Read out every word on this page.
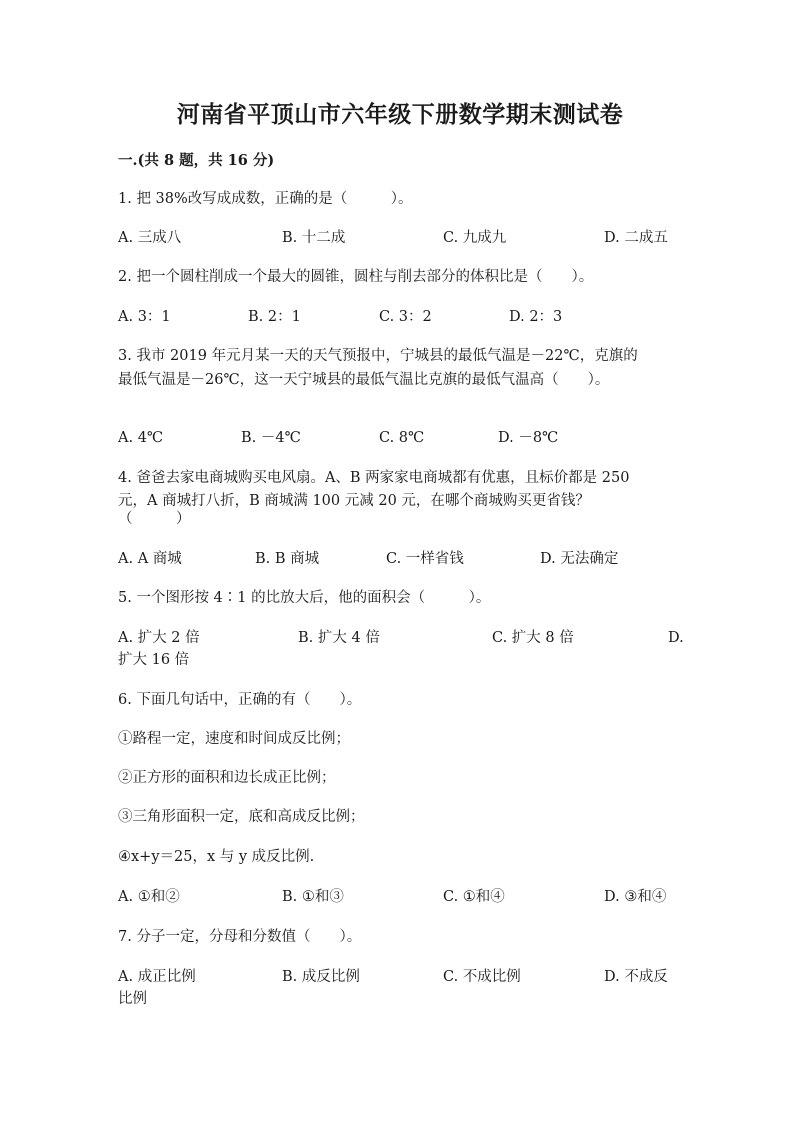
河南省平顶山市六年级下册数学期末测试卷
一.(共 8 题，共 16 分)
1. 把 38%改写成成数，正确的是（　　　）。
A. 三成八	B. 十二成	C. 九成九	D. 二成五
2. 把一个圆柱削成一个最大的圆锥，圆柱与削去部分的体积比是（　　）。
A. 3：1	B. 2：1	C. 3：2	D. 2：3
3. 我市 2019 年元月某一天的天气预报中，宁城县的最低气温是－22℃，克旗的
最低气温是－26℃，这一天宁城县的最低气温比克旗的最低气温高（　　）。
A. 4℃	B. －4℃	C. 8℃	D. －8℃
4. 爸爸去家电商城购买电风扇。A、B 两家家电商城都有优惠，且标价都是 250
元，A 商城打八折，B 商城满 100 元减 20 元，在哪个商城购买更省钱？
（　　　）
A. A 商城	B. B 商城	C. 一样省钱	D. 无法确定
5. 一个图形按 4∶1 的比放大后，他的面积会（　　　）。
A. 扩大 2 倍	B. 扩大 4 倍	C. 扩大 8 倍	D.
扩大 16 倍
6. 下面几句话中，正确的有（　　）。
①路程一定，速度和时间成反比例；
②正方形的面积和边长成正比例；
③三角形面积一定，底和高成反比例；
④x+y＝25，x 与 y 成反比例.
A. ①和②	B. ①和③	C. ①和④	D. ③和④
7. 分子一定，分母和分数值（　　）。
A. 成正比例	B. 成反比例	C. 不成比例	D. 不成反
比例
